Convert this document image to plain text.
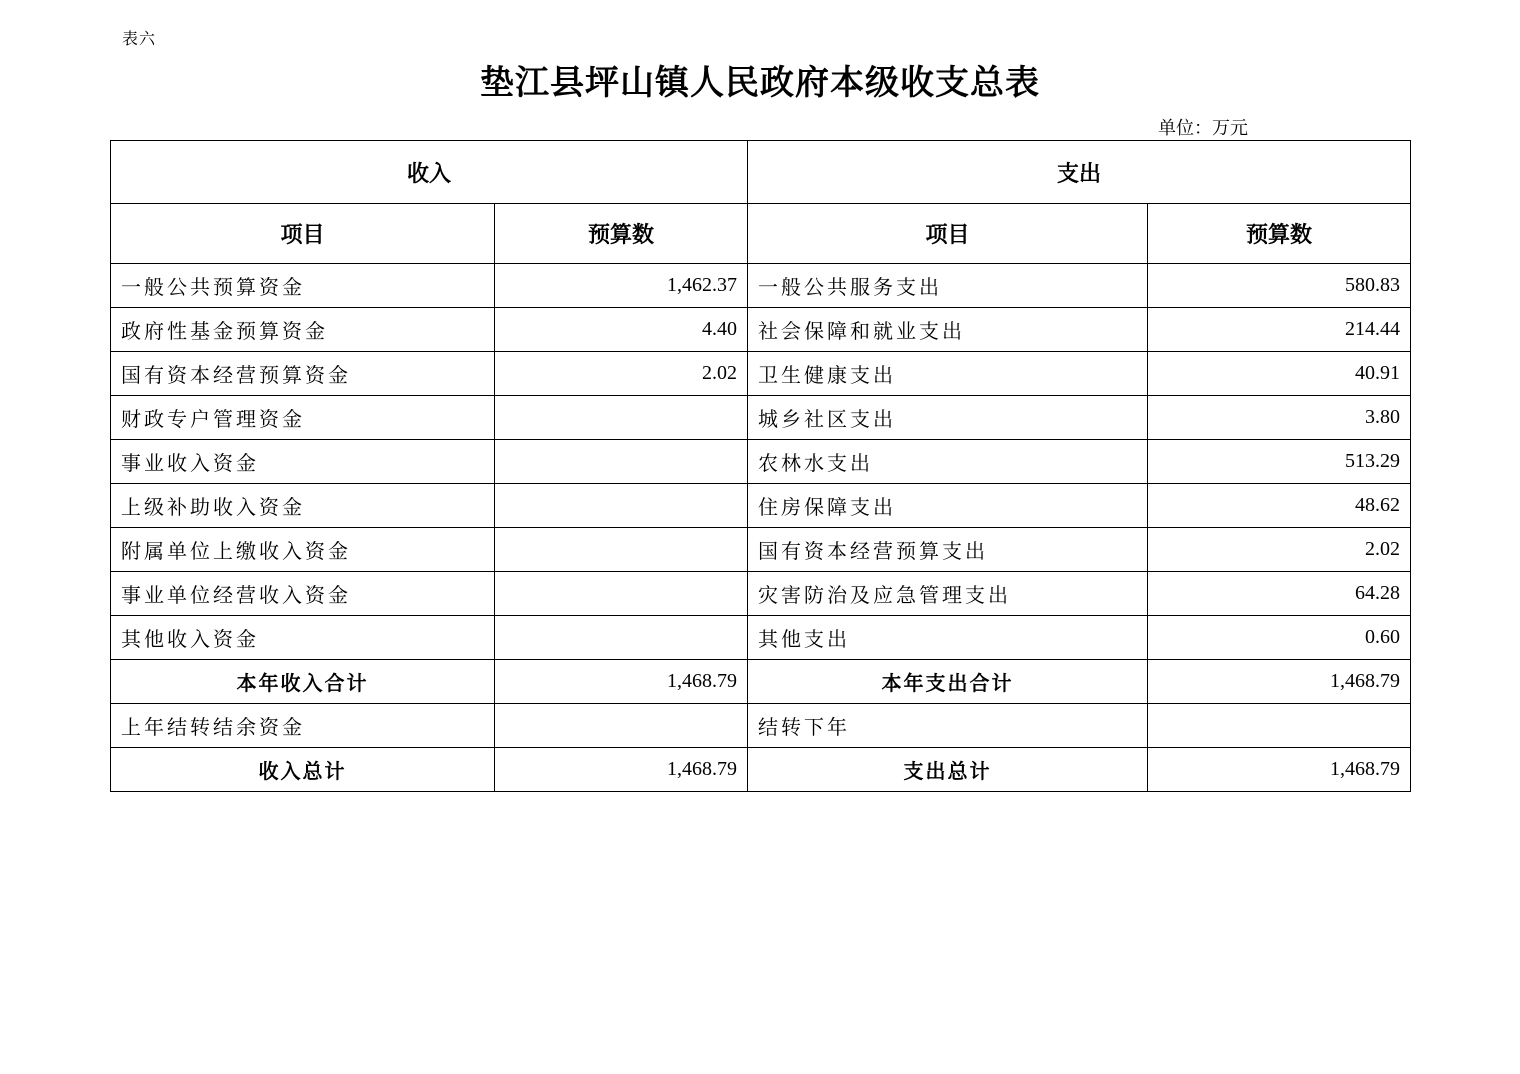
表六
垫江县坪山镇人民政府本级收支总表
单位：万元
收入		支出	
项目	预算数	项目	预算数
一般公共预算资金	1,462.37	一般公共服务支出	580.83
政府性基金预算资金	4.40	社会保障和就业支出	214.44
国有资本经营预算资金	2.02	卫生健康支出	40.91
财政专户管理资金		城乡社区支出	3.80
事业收入资金		农林水支出	513.29
上级补助收入资金		住房保障支出	48.62
附属单位上缴收入资金		国有资本经营预算支出	2.02
事业单位经营收入资金		灾害防治及应急管理支出	64.28
其他收入资金		其他支出	0.60
本年收入合计	1,468.79	本年支出合计	1,468.79
上年结转结余资金		结转下年	
收入总计	1,468.79	支出总计	1,468.79
